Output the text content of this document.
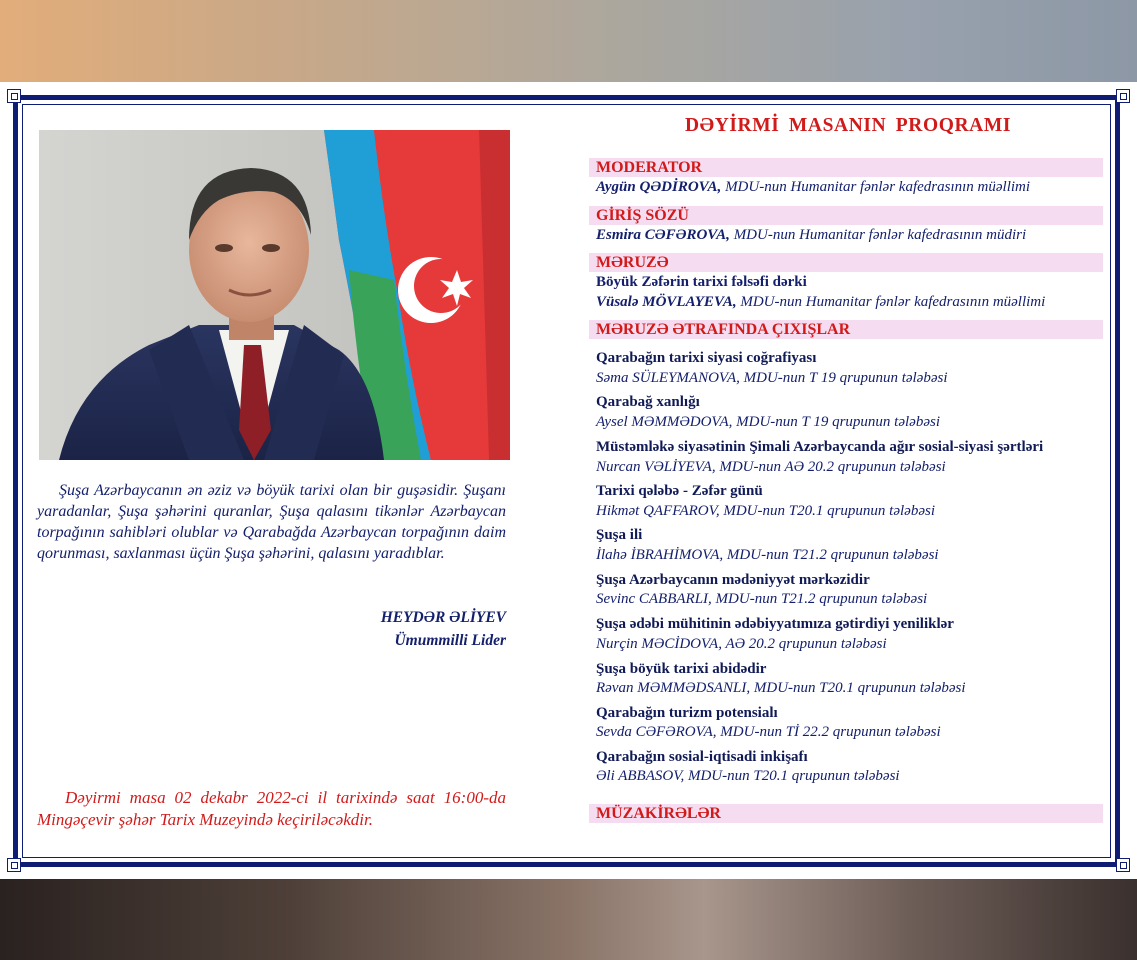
Şuşa Azərbaycanın ən əziz və böyük tarixi olan bir guşəsidir. Şuşanı yaradanlar, Şuşa şəhərini quranlar, Şuşa qalasını tikənlər Azərbaycan torpağının sahibləri olublar və Qarabağda Azərbaycan torpağının daim qorunması, saxlanması üçün Şuşa şəhərini, qalasını yaradıblar.

HEYDƏR ƏLİYEV
Ümummilli Lider

Dəyirmi masa 02 dekabr 2022-ci il tarixində saat 16:00-da Mingəçevir şəhər Tarix Muzeyində keçiriləcəkdir.

DƏYİRMİ MASANIN PROQRAMI
MODERATOR
Aygün QƏDİROVA, MDU-nun Humanitar fənlər kafedrasının müəllimi
GİRİŞ SÖZÜ
Esmira CƏFƏROVA, MDU-nun Humanitar fənlər kafedrasının müdiri
MƏRUZƏ
Böyük Zəfərin tarixi fəlsəfi dərki
Vüsalə MÖVLAYEVA, MDU-nun Humanitar fənlər kafedrasının müəllimi
MƏRUZƏ ƏTRAFINDA ÇIXIŞLAR
Qarabağın tarixi siyasi coğrafiyası
Səma SÜLEYMANOVA, MDU-nun T 19 qrupunun tələbəsi
Qarabağ xanlığı
Aysel MƏMMƏDOVA, MDU-nun T 19 qrupunun tələbəsi
Müstəmləkə siyasətinin Şimali Azərbaycanda ağır sosial-siyasi şərtləri
Nurcan VƏLİYEVA, MDU-nun AƏ 20.2 qrupunun tələbəsi
Tarixi qələbə - Zəfər günü
Hikmət QAFFAROV, MDU-nun T20.1 qrupunun tələbəsi
Şuşa ili
İlahə İBRAHİMOVA, MDU-nun T21.2 qrupunun tələbəsi
Şuşa Azərbaycanın mədəniyyət mərkəzidir
Sevinc CABBARLI, MDU-nun T21.2 qrupunun tələbəsi
Şuşa ədəbi mühitinin ədəbiyyatımıza gətirdiyi yeniliklər
Nurçin MƏCİDOVA, AƏ 20.2 qrupunun tələbəsi
Şuşa böyük tarixi abidədir
Rəvan MƏMMƏDSANLI, MDU-nun T20.1 qrupunun tələbəsi
Qarabağın turizm potensialı
Sevda CƏFƏROVA, MDU-nun Tİ 22.2 qrupunun tələbəsi
Qarabağın sosial-iqtisadi inkişafı
Əli ABBASOV, MDU-nun T20.1 qrupunun tələbəsi
MÜZAKİRƏLƏR
